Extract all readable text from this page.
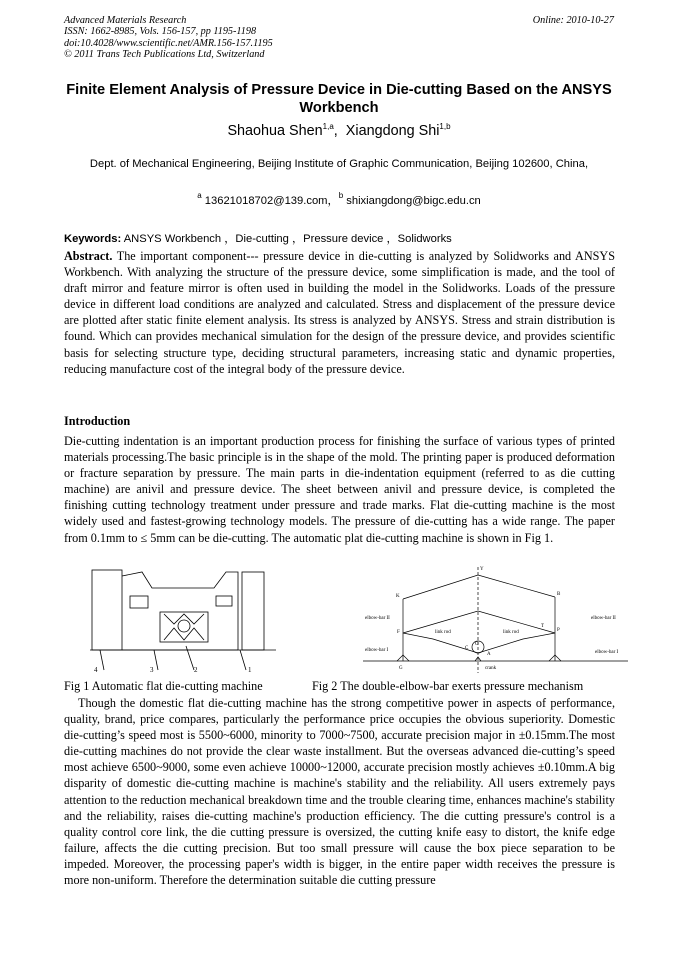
Advanced Materials Research
ISSN: 1662-8985, Vols. 156-157, pp 1195-1198
doi:10.4028/www.scientific.net/AMR.156-157.1195
© 2011 Trans Tech Publications Ltd, Switzerland
Online: 2010-10-27
Finite Element Analysis of Pressure Device in Die-cutting Based on the ANSYS Workbench
Shaohua Shen$^{1,a}$,  Xiangdong Shi$^{1,b}$
Dept. of Mechanical Engineering, Beijing Institute of Graphic Communication, Beijing 102600, China,
$^a$ 13621018702@139.com，$^b$ shixiangdong@bigc.edu.cn
Keywords: ANSYS Workbench ，Die-cutting ，Pressure device ，Solidworks
Abstract. The important component--- pressure device in die-cutting is analyzed by Solidworks and ANSYS Workbench. With analyzing the structure of the pressure device, some simplification is made, and the tool of draft mirror and feature mirror is often used in building the model in the Solidworks. Loads of the pressure device in different load conditions are analyzed and calculated. Stress and displacement of the pressure device are plotted after static finite element analysis. Its stress is analyzed by ANSYS. Stress and strain distribution is found. Which can provides mechanical simulation for the design of the pressure device, and provides scientific basis for selecting structure type, deciding structural parameters, increasing static and dynamic properties, reducing manufacture cost of the integral body of the pressure device.
Introduction
Die-cutting indentation is an important production process for finishing the surface of various types of printed materials processing.The basic principle is in the shape of the mold. The printing paper is produced deformation or fracture separation by pressure. The main parts in die-indentation equipment (referred to as die cutting machine) are anivil and pressure device. The sheet between anivil and pressure device, is completed the finishing cutting technology treatment under pressure and trade marks. Flat die-cutting machine is the most widely used and fastest-growing technology models. The pressure of die-cutting has a wide range. The paper from 0.1mm to ≤ 5mm can be die-cutting. The automatic plat die-cutting machine is shown in Fig 1.
4	3	2	1
Y
K	B
elbow-bar II	elbow-bar II
elbow-bar I	elbow-bar I
F
T
P
link rod	link rod
C
O
A
G	crank
Fig 1 Automatic flat die-cutting machine	Fig 2 The double-elbow-bar exerts pressure mechanism
Though the domestic flat die-cutting machine has the strong competitive power in aspects of performance, quality, brand, price compares, particularly the performance price occupies the obvious superiority. Domestic die-cutting’s speed most is 5500~6000, minority to 7000~7500, accurate precision major in ±0.15mm.The most die-cutting machines do not provide the clear waste installment. But the overseas advanced die-cutting’s speed most achieve 6500~9000, some even achieve 10000~12000, accurate precision mostly achieves ±0.10mm.A big disparity of domestic die-cutting machine is machine's stability and the reliability. All users extremely pays attention to the reduction mechanical breakdown time and the trouble clearing time, enhances machine's stability and the reliability, raises die-cutting machine's production efficiency. The die cutting pressure's control is a quality control core link, the die cutting pressure is oversized, the cutting knife easy to distort, the knife edge failure, affects the die cutting precision. But too small pressure will cause the box piece separation to be impeded. Moreover, the processing paper's width is bigger, in the entire paper width receives the pressure is more non-uniform. Therefore the determination suitable die cutting pressure
